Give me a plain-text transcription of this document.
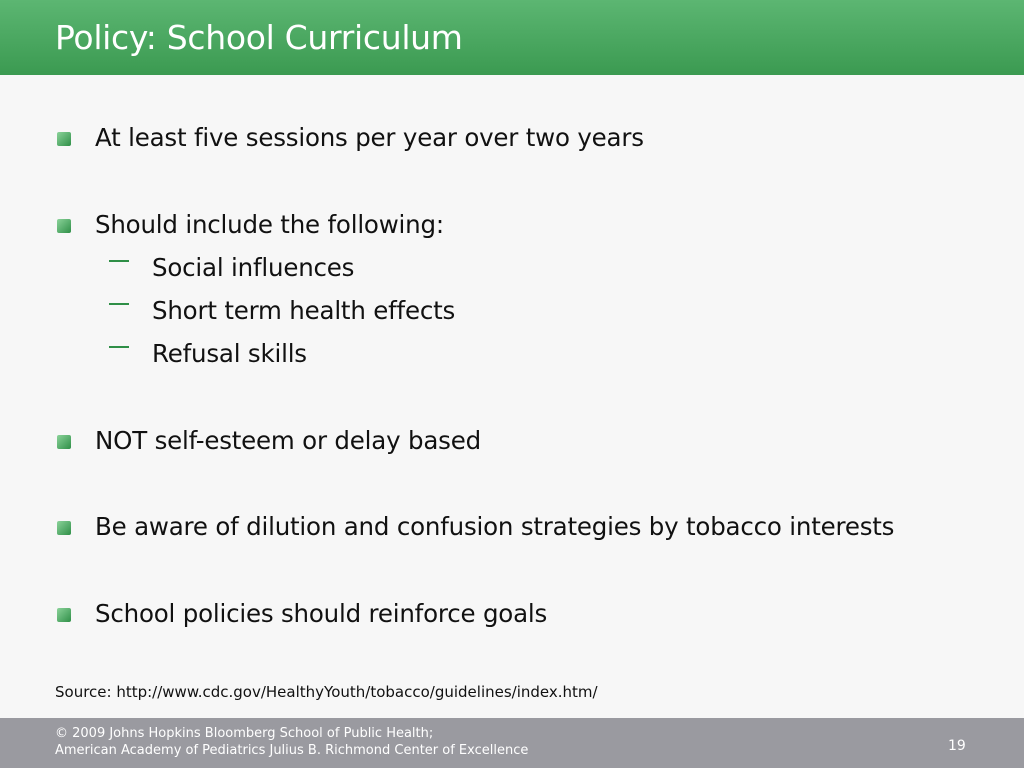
Policy: School Curriculum
At least five sessions per year over two years
Should include the following:
Social influences
Short term health effects
Refusal skills
NOT self-esteem or delay based
Be aware of dilution and confusion strategies by tobacco interests
School policies should reinforce goals
Source: http://www.cdc.gov/HealthyYouth/tobacco/guidelines/index.htm/
© 2009 Johns Hopkins Bloomberg School of Public Health;
American Academy of Pediatrics Julius B. Richmond Center of Excellence	19
